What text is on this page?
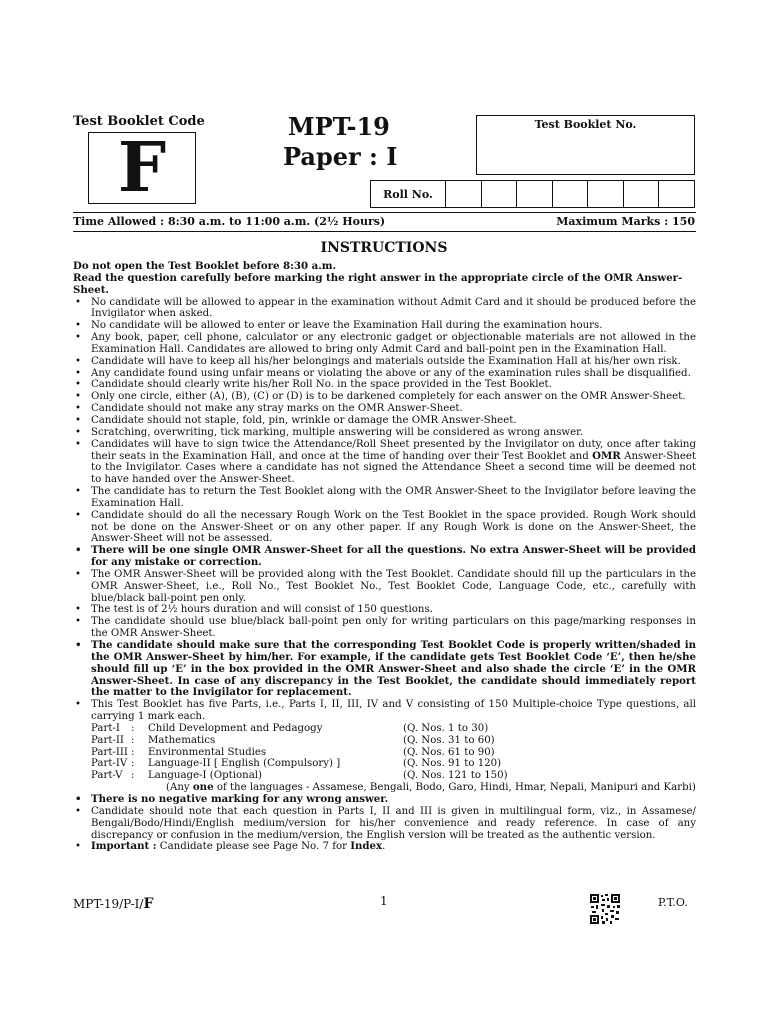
Test Booklet Code
F
MPT-19
Paper : I
Test Booklet No.
Roll No.
Time Allowed : 8:30 a.m. to 11:00 a.m. (2½ Hours)	Maximum Marks : 150
INSTRUCTIONS

Do not open the Test Booklet before 8:30 a.m.

Read the question carefully before marking the right answer in the appropriate circle of the OMR Answer-Sheet.

• No candidate will be allowed to appear in the examination without Admit Card and it should be produced before the Invigilator when asked.
• No candidate will be allowed to enter or leave the Examination Hall during the examination hours.
• Any book, paper, cell phone, calculator or any electronic gadget or objectionable materials are not allowed in the Examination Hall. Candidates are allowed to bring only Admit Card and ball-point pen in the Examination Hall.
• Candidate will have to keep all his/her belongings and materials outside the Examination Hall at his/her own risk.
• Any candidate found using unfair means or violating the above or any of the examination rules shall be disqualified.
• Candidate should clearly write his/her Roll No. in the space provided in the Test Booklet.
• Only one circle, either (A), (B), (C) or (D) is to be darkened completely for each answer on the OMR Answer-Sheet.
• Candidate should not make any stray marks on the OMR Answer-Sheet.
• Candidate should not staple, fold, pin, wrinkle or damage the OMR Answer-Sheet.
• Scratching, overwriting, tick marking, multiple answering will be considered as wrong answer.
• Candidates will have to sign twice the Attendance/Roll Sheet presented by the Invigilator on duty, once after taking their seats in the Examination Hall, and once at the time of handing over their Test Booklet and OMR Answer-Sheet to the Invigilator. Cases where a candidate has not signed the Attendance Sheet a second time will be deemed not to have handed over the Answer-Sheet.
• The candidate has to return the Test Booklet along with the OMR Answer-Sheet to the Invigilator before leaving the Examination Hall.
• Candidate should do all the necessary Rough Work on the Test Booklet in the space provided. Rough Work should not be done on the Answer-Sheet or on any other paper. If any Rough Work is done on the Answer-Sheet, the Answer-Sheet will not be assessed.
• There will be one single OMR Answer-Sheet for all the questions. No extra Answer-Sheet will be provided for any mistake or correction.
• The OMR Answer-Sheet will be provided along with the Test Booklet. Candidate should fill up the particulars in the OMR Answer-Sheet, i.e., Roll No., Test Booklet No., Test Booklet Code, Language Code, etc., carefully with blue/black ball-point pen only.
• The test is of 2½ hours duration and will consist of 150 questions.
• The candidate should use blue/black ball-point pen only for writing particulars on this page/marking responses in the OMR Answer-Sheet.
• The candidate should make sure that the corresponding Test Booklet Code is properly written/shaded in the OMR Answer-Sheet by him/her. For example, if the candidate gets Test Booklet Code ‘E’, then he/she should fill up ‘E’ in the box provided in the OMR Answer-Sheet and also shade the circle ‘E’ in the OMR Answer-Sheet. In case of any discrepancy in the Test Booklet, the candidate should immediately report the matter to the Invigilator for replacement.
• This Test Booklet has five Parts, i.e., Parts I, II, III, IV and V consisting of 150 Multiple-choice Type questions, all carrying 1 mark each.
Part-I	:	Child Development and Pedagogy	(Q. Nos. 1 to 30)
Part-II :	Mathematics	(Q. Nos. 31 to 60)
Part-III :	Environmental Studies	(Q. Nos. 61 to 90)
Part-IV :	Language-II [ English (Compulsory) ]	(Q. Nos. 91 to 120)
Part-V :	Language-I (Optional)	(Q. Nos. 121 to 150)
(Any one of the languages - Assamese, Bengali, Bodo, Garo, Hindi, Hmar, Nepali, Manipuri and Karbi)
• There is no negative marking for any wrong answer.
• Candidate should note that each question in Parts I, II and III is given in multilingual form, viz., in Assamese/ Bengali/Bodo/Hindi/English medium/version for his/her convenience and ready reference. In case of any discrepancy or confusion in the medium/version, the English version will be treated as the authentic version.
• Important : Candidate please see Page No. 7 for Index.
MPT-19/P-I/F	1	P.T.O.
